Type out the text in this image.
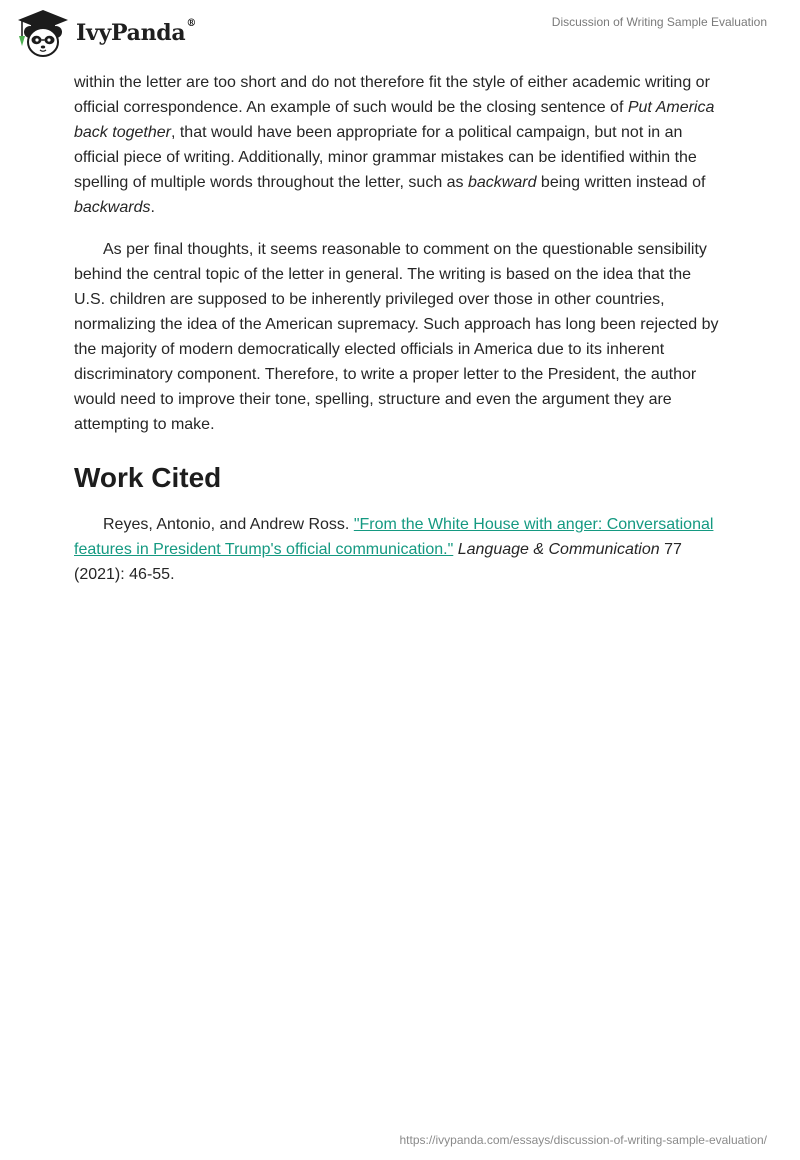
IvyPanda®	Discussion of Writing Sample Evaluation

within the letter are too short and do not therefore fit the style of either academic writing or official correspondence. An example of such would be the closing sentence of Put America back together, that would have been appropriate for a political campaign, but not in an official piece of writing. Additionally, minor grammar mistakes can be identified within the spelling of multiple words throughout the letter, such as backward being written instead of backwards.

As per final thoughts, it seems reasonable to comment on the questionable sensibility behind the central topic of the letter in general. The writing is based on the idea that the U.S. children are supposed to be inherently privileged over those in other countries, normalizing the idea of the American supremacy. Such approach has long been rejected by the majority of modern democratically elected officials in America due to its inherent discriminatory component. Therefore, to write a proper letter to the President, the author would need to improve their tone, spelling, structure and even the argument they are attempting to make.

Work Cited

Reyes, Antonio, and Andrew Ross. "From the White House with anger: Conversational features in President Trump's official communication." Language & Communication 77 (2021): 46-55.

https://ivypanda.com/essays/discussion-of-writing-sample-evaluation/
